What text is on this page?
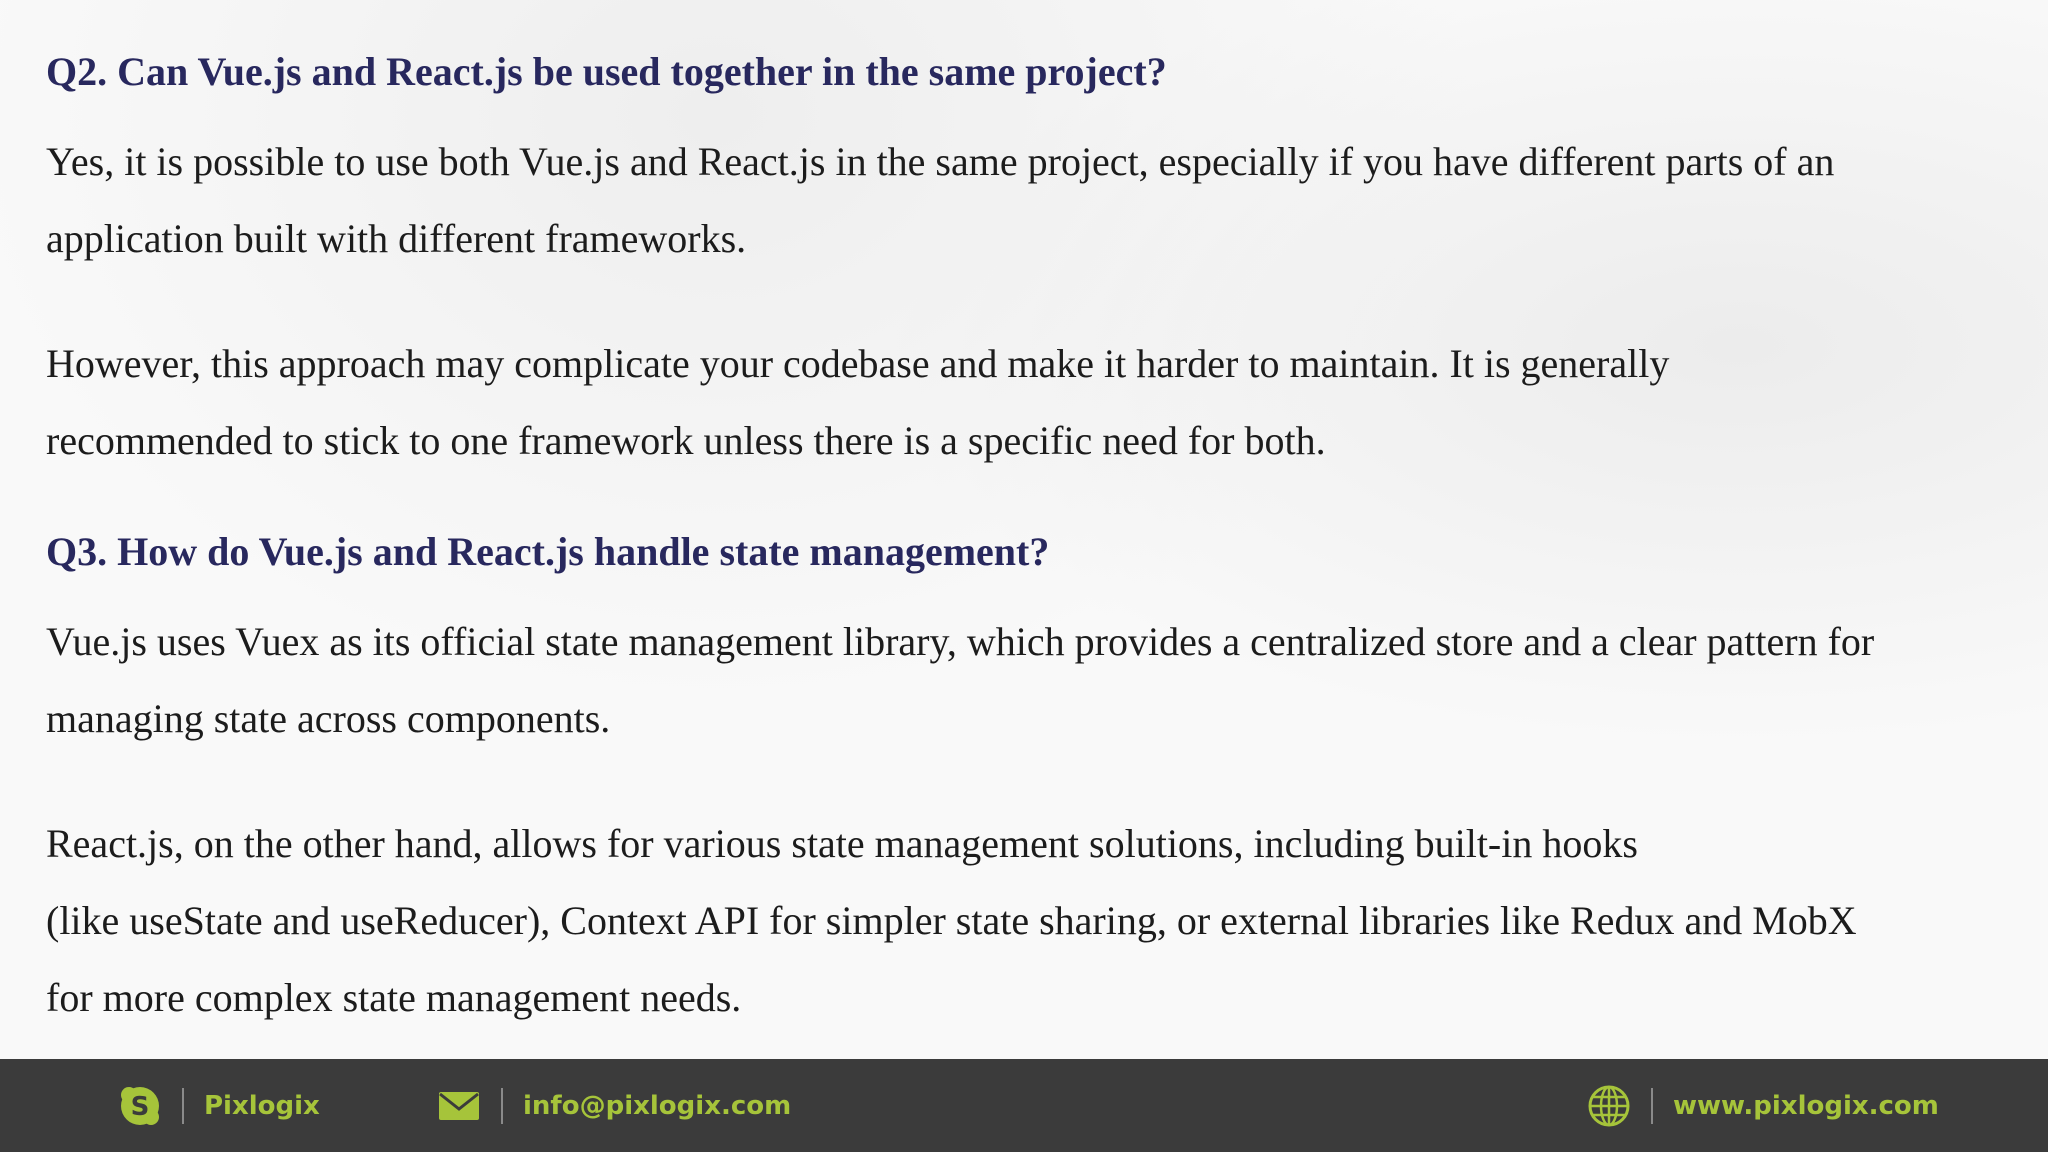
Q2. Can Vue.js and React.js be used together in the same project?

Yes, it is possible to use both Vue.js and React.js in the same project, especially if you have different parts of an
application built with different frameworks.

However, this approach may complicate your codebase and make it harder to maintain. It is generally
recommended to stick to one framework unless there is a specific need for both.

Q3. How do Vue.js and React.js handle state management?

Vue.js uses Vuex as its official state management library, which provides a centralized store and a clear pattern for
managing state across components.

React.js, on the other hand, allows for various state management solutions, including built-in hooks
(like useState and useReducer), Context API for simpler state sharing, or external libraries like Redux and MobX
for more complex state management needs.

S Pixlogix	info@pixlogix.com	www.pixlogix.com
